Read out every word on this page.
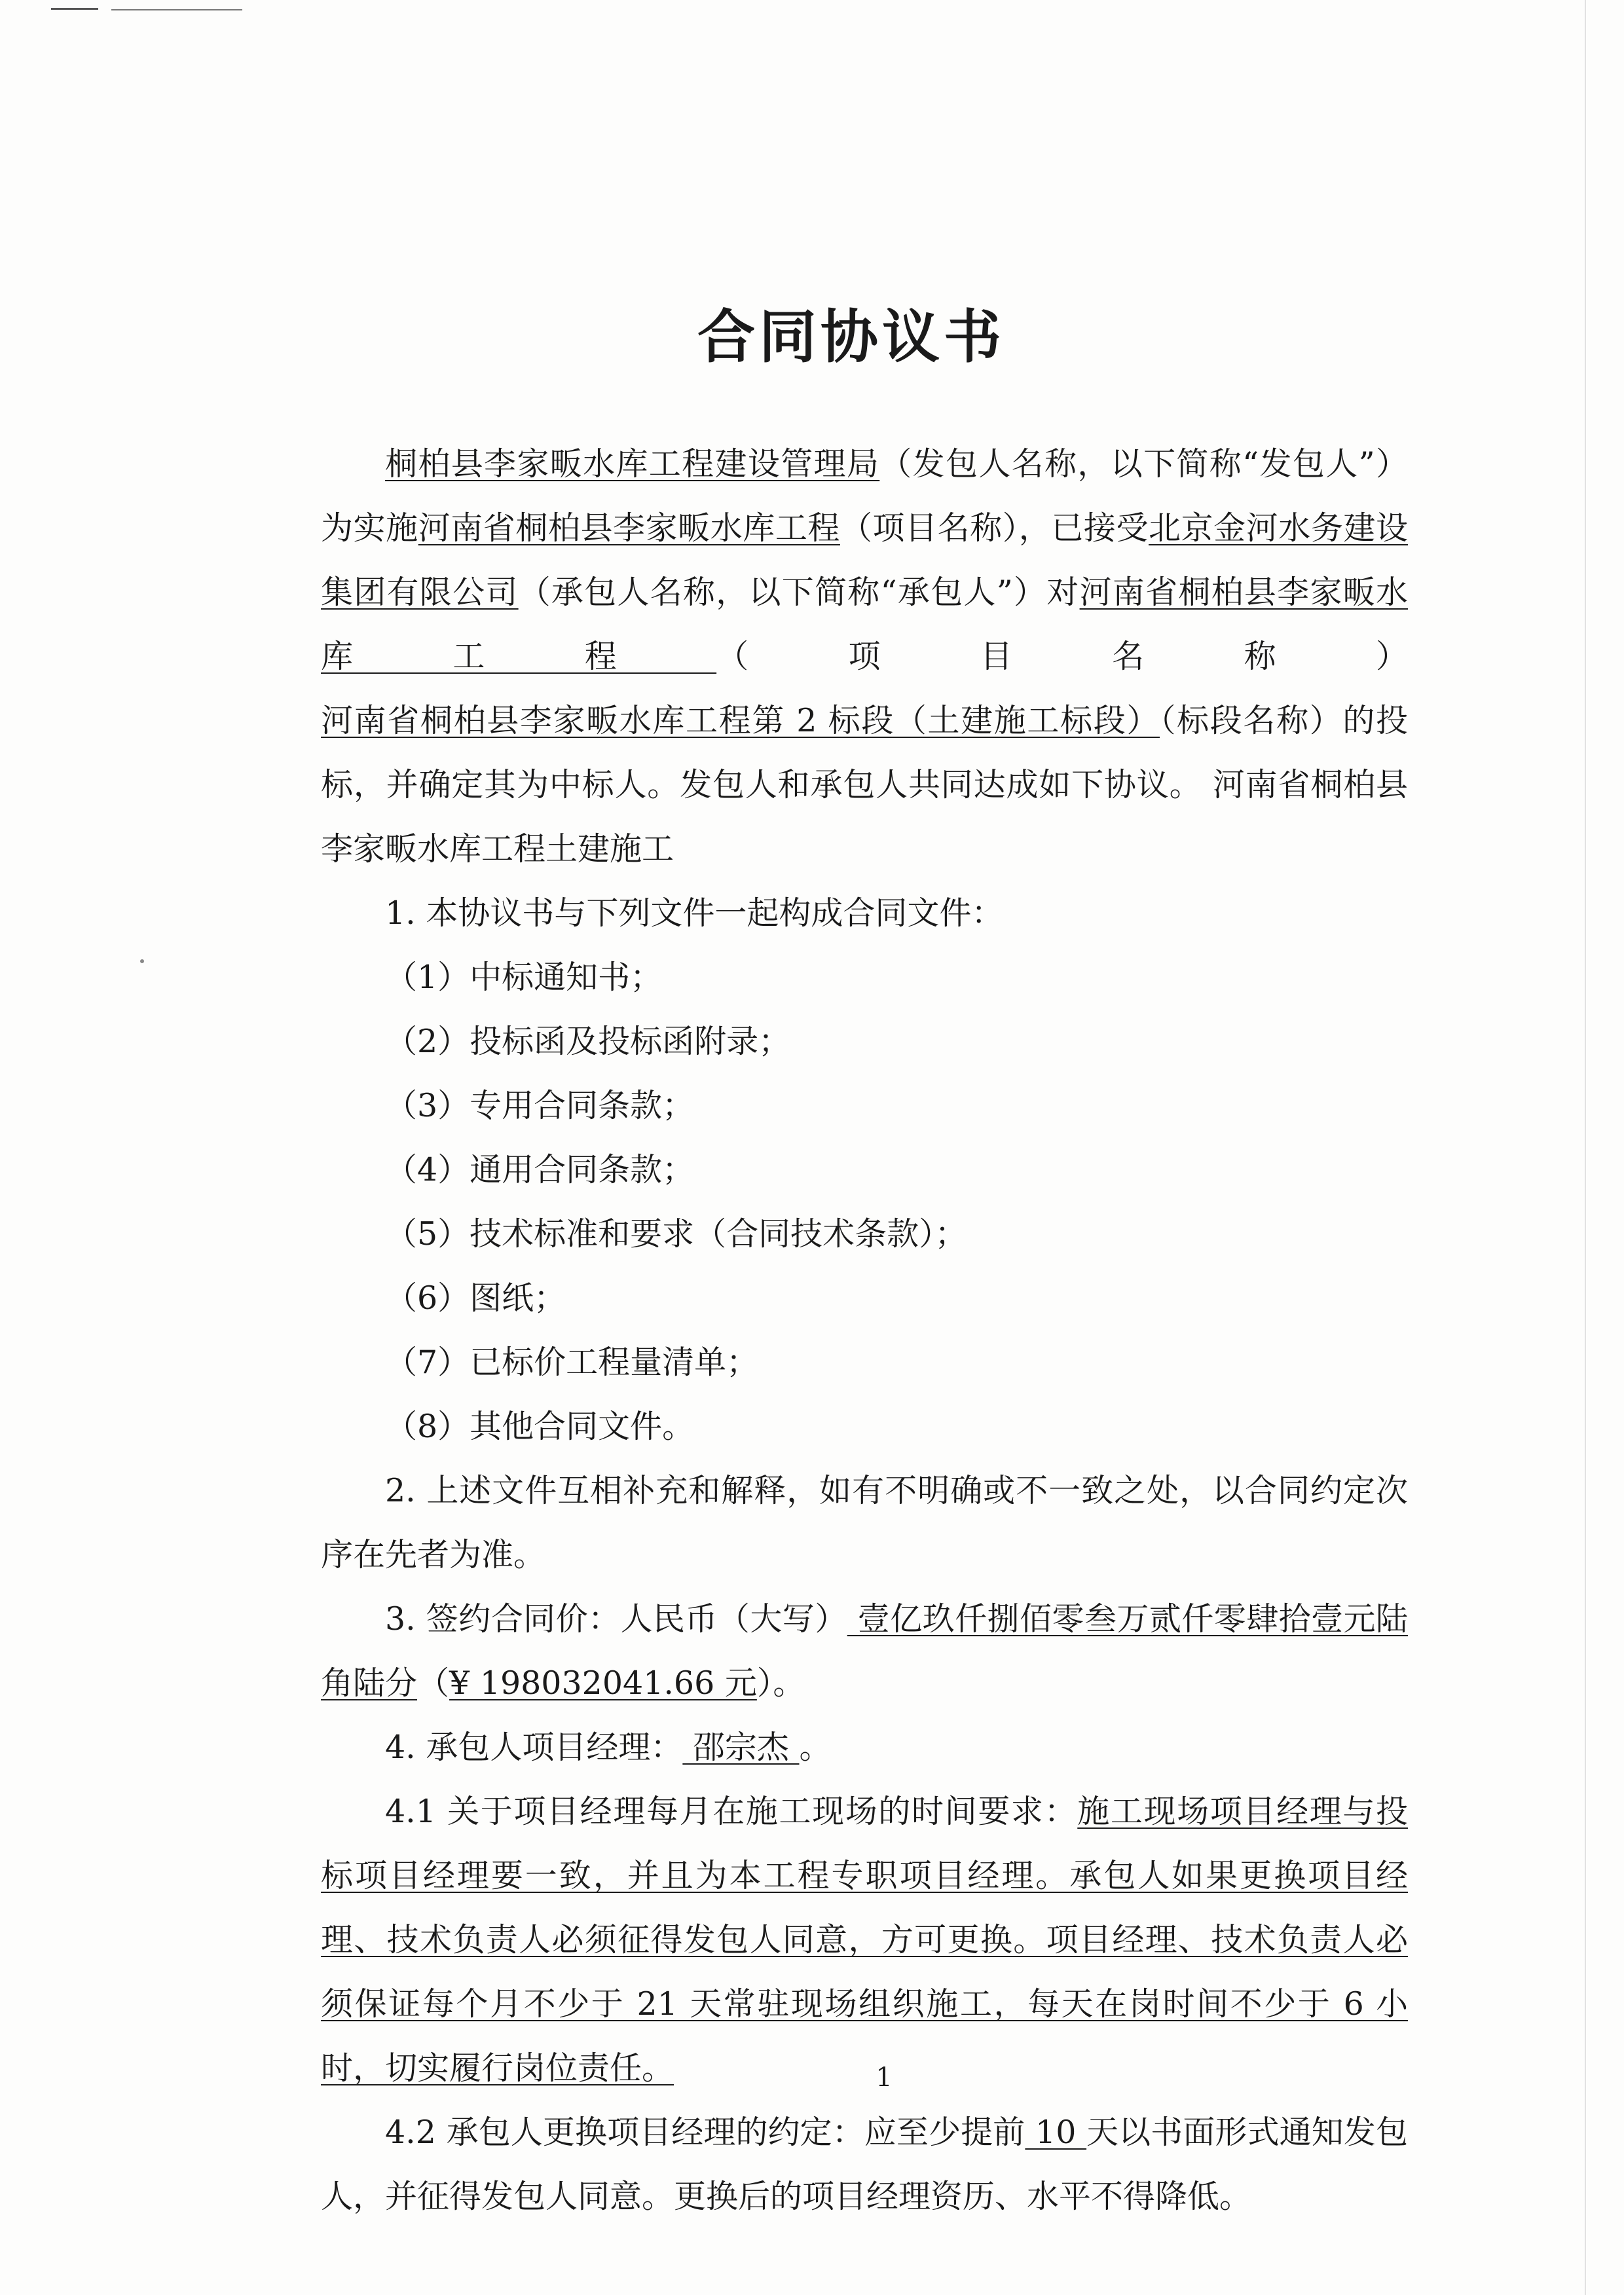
合同协议书

桐柏县李家畈水库工程建设管理局（发包人名称，以下简称“发包人”）为实施河南省桐柏县李家畈水库工程（项目名称），已接受北京金河水务建设集团有限公司（承包人名称，以下简称“承包人”）对河南省桐柏县李家畈水库工程（项目名称）河南省桐柏县李家畈水库工程第 2 标段（土建施工标段）（标段名称）的投标，并确定其为中标人。发包人和承包人共同达成如下协议。 河南省桐柏县李家畈水库工程土建施工

1. 本协议书与下列文件一起构成合同文件：

（1）中标通知书；

（2）投标函及投标函附录；

（3）专用合同条款；

（4）通用合同条款；

（5）技术标准和要求（合同技术条款）；

（6）图纸；

（7）已标价工程量清单；

（8）其他合同文件。

2. 上述文件互相补充和解释，如有不明确或不一致之处，以合同约定次序在先者为准。

3. 签约合同价：人民币（大写） 壹亿玖仟捌佰零叁万贰仟零肆拾壹元陆角陆分（¥ 198032041.66 元）。

4. 承包人项目经理： 邵宗杰 。

4.1 关于项目经理每月在施工现场的时间要求：施工现场项目经理与投标项目经理要一致，并且为本工程专职项目经理。承包人如果更换项目经理、技术负责人必须征得发包人同意，方可更换。项目经理、技术负责人必须保证每个月不少于 21 天常驻现场组织施工，每天在岗时间不少于 6 小时，切实履行岗位责任。

4.2 承包人更换项目经理的约定：应至少提前 10 天以书面形式通知发包人，并征得发包人同意。更换后的项目经理资历、水平不得降低。

1
